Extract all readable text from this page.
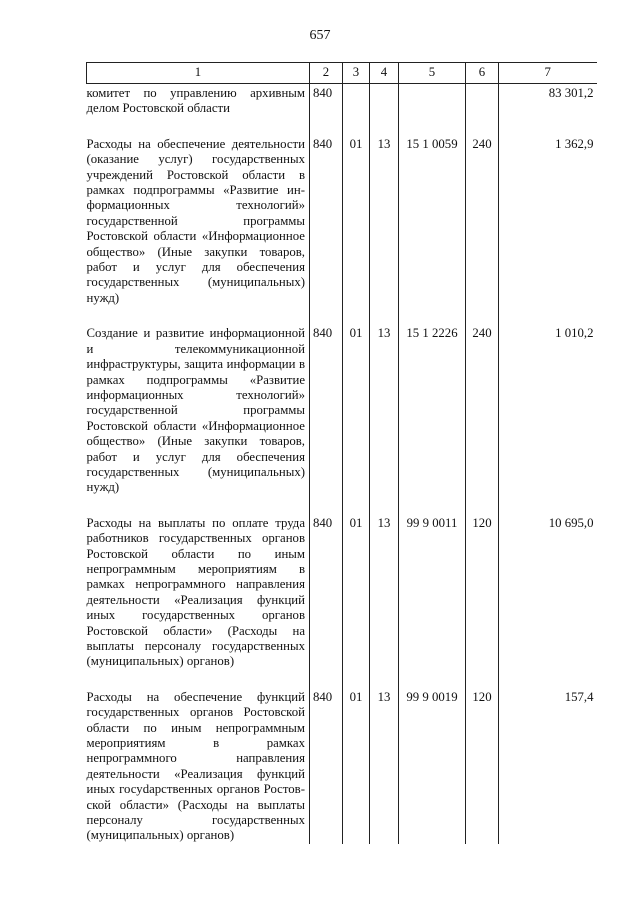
657
1	2	3	4	5	6	7
комитет по управлению архивным делом Ростовской области	840					83 301,2
Расходы на обеспечение деятельности (оказание услуг) государственных учреждений Ростовской области в рамках подпрограммы «Развитие информационных технологий» государственной программы Ростовской области «Информационное общество» (Иные закупки товаров, работ и услуг для обеспечения государственных (муниципальных) нужд)	840	01	13	15 1 0059	240	1 362,9
Создание и развитие информационной и телекоммуникационной инфраструктуры, защита информации в рамках подпрограммы «Развитие информационных технологий» государственной программы Ростовской области «Информационное общество» (Иные закупки товаров, работ и услуг для обеспечения государственных (муниципальных) нужд)	840	01	13	15 1 2226	240	1 010,2
Расходы на выплаты по оплате труда работников государственных органов Ростовской области по иным непрограммным мероприятиям в рамках непрограммного направления деятельности «Реализация функций иных государственных органов Ростовской области» (Расходы на выплаты персоналу государственных (муниципальных) органов)	840	01	13	99 9 0011	120	10 695,0
Расходы на обеспечение функций государственных органов Ростовской области по иным непрограммным мероприятиям в рамках непрограммного направления деятельности «Реализация функций иных госуdарственных органов Ростовской области» (Расходы на выплаты персоналу государственных (муниципальных) органов)	840	01	13	99 9 0019	120	157,4
